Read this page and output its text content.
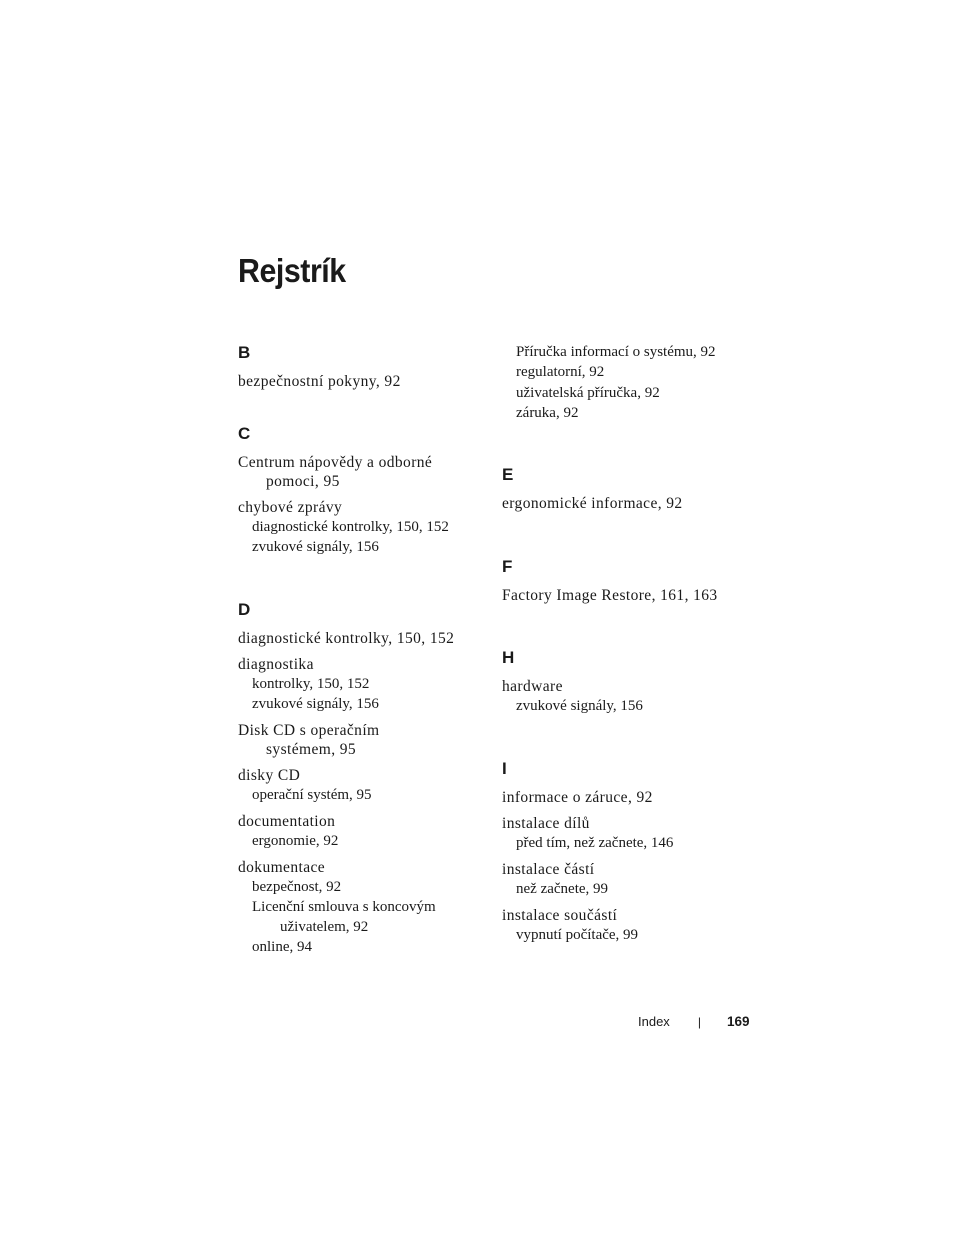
Rejstrík
B
bezpečnostní pokyny, 92
C
Centrum nápovědy a odborné
pomoci, 95
chybové zprávy
diagnostické kontrolky, 150, 152
zvukové signály, 156
D
diagnostické kontrolky, 150, 152
diagnostika
kontrolky, 150, 152
zvukové signály, 156
Disk CD s operačním
systémem, 95
disky CD
operační systém, 95
documentation
ergonomie, 92
dokumentace
bezpečnost, 92
Licenční smlouva s koncovým
uživatelem, 92
online, 94
Příručka informací o systému, 92
regulatorní, 92
uživatelská příručka, 92
záruka, 92
E
ergonomické informace, 92
F
Factory Image Restore, 161, 163
H
hardware
zvukové signály, 156
I
informace o záruce, 92
instalace dílů
před tím, než začnete, 146
instalace částí
než začnete, 99
instalace součástí
vypnutí počítače, 99
Index | 169
